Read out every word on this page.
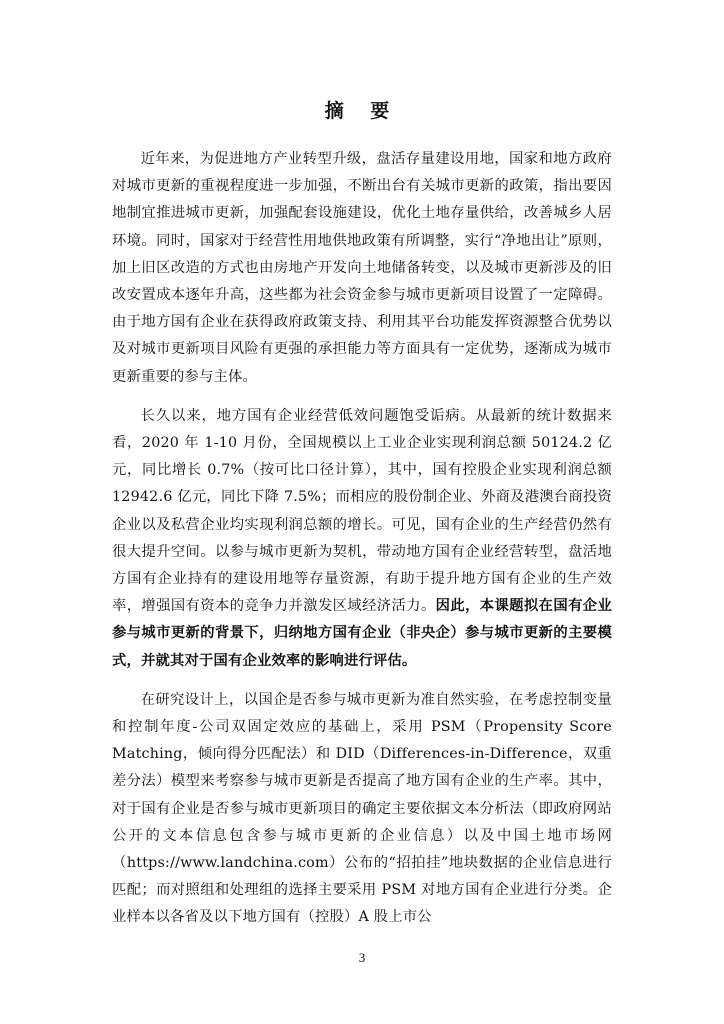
摘 要

近年来，为促进地方产业转型升级，盘活存量建设用地，国家和地方政府对城市更新的重视程度进一步加强，不断出台有关城市更新的政策，指出要因地制宜推进城市更新，加强配套设施建设，优化土地存量供给，改善城乡人居环境。同时，国家对于经营性用地供地政策有所调整，实行“净地出让”原则，加上旧区改造的方式也由房地产开发向土地储备转变，以及城市更新涉及的旧改安置成本逐年升高，这些都为社会资金参与城市更新项目设置了一定障碍。由于地方国有企业在获得政府政策支持、利用其平台功能发挥资源整合优势以及对城市更新项目风险有更强的承担能力等方面具有一定优势，逐渐成为城市更新重要的参与主体。

长久以来，地方国有企业经营低效问题饱受诟病。从最新的统计数据来看，2020 年 1-10 月份，全国规模以上工业企业实现利润总额 50124.2 亿元，同比增长 0.7%（按可比口径计算），其中，国有控股企业实现利润总额 12942.6 亿元，同比下降 7.5%；而相应的股份制企业、外商及港澳台商投资企业以及私营企业均实现利润总额的增长。可见，国有企业的生产经营仍然有很大提升空间。以参与城市更新为契机，带动地方国有企业经营转型，盘活地方国有企业持有的建设用地等存量资源，有助于提升地方国有企业的生产效率，增强国有资本的竞争力并激发区域经济活力。因此，本课题拟在国有企业参与城市更新的背景下，归纳地方国有企业（非央企）参与城市更新的主要模式，并就其对于国有企业效率的影响进行评估。

在研究设计上，以国企是否参与城市更新为准自然实验，在考虑控制变量和控制年度-公司双固定效应的基础上，采用 PSM（Propensity Score Matching，倾向得分匹配法）和 DID（Differences-in-Difference，双重差分法）模型来考察参与城市更新是否提高了地方国有企业的生产率。其中，对于国有企业是否参与城市更新项目的确定主要依据文本分析法（即政府网站公开的文本信息包含参与城市更新的企业信息）以及中国土地市场网（https://www.landchina.com）公布的“招拍挂”地块数据的企业信息进行匹配；而对照组和处理组的选择主要采用 PSM 对地方国有企业进行分类。企业样本以各省及以下地方国有（控股）A 股上市公

3
